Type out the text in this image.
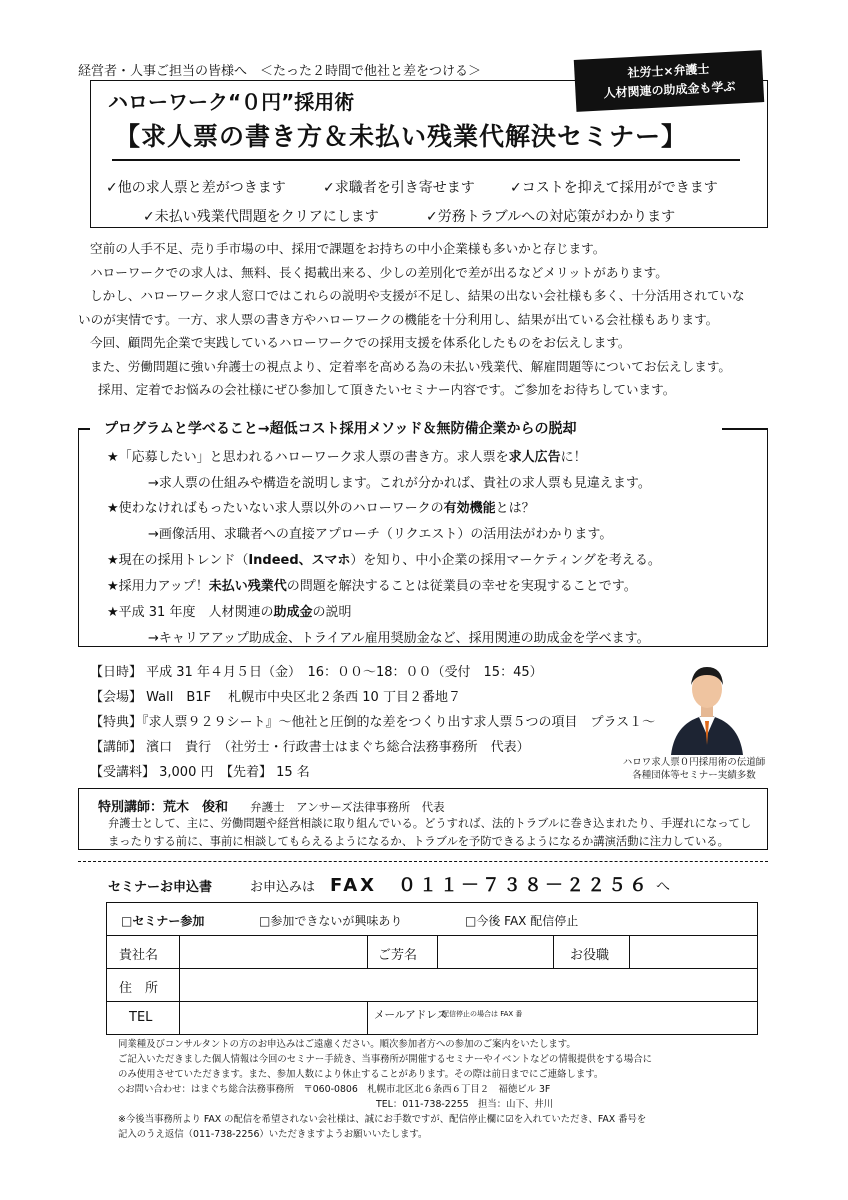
経営者・人事ご担当の皆様へ　＜たった２時間で他社と差をつける＞
ハローワーク“０円”採用術
社労士×弁護士
人材関連の助成金も学ぶ
【求人票の書き方＆未払い残業代解決セミナー】
✓他の求人票と差がつきます	✓求職者を引き寄せます	✓コストを抑えて採用ができます
✓未払い残業代問題をクリアにします	✓労務トラブルへの対応策がわかります

空前の人手不足、売り手市場の中、採用で課題をお持ちの中小企業様も多いかと存じます。

ハローワークでの求人は、無料、長く掲載出来る、少しの差別化で差が出るなどメリットがあります。

しかし、ハローワーク求人窓口ではこれらの説明や支援が不足し、結果の出ない会社様も多く、十分活用されていな

いのが実情です。一方、求人票の書き方やハローワークの機能を十分利用し、結果が出ている会社様もあります。

今回、顧問先企業で実践しているハローワークでの採用支援を体系化したものをお伝えします。

また、労働問題に強い弁護士の視点より、定着率を高める為の未払い残業代、解雇問題等についてお伝えします。

採用、定着でお悩みの会社様にぜひ参加して頂きたいセミナー内容です。ご参加をお待ちしています。

プログラムと学べること→超低コスト採用メソッド＆無防備企業からの脱却
★「応募したい」と思われるハローワーク求人票の書き方。求人票を求人広告に！
→求人票の仕組みや構造を説明します。これが分かれば、貴社の求人票も見違えます。
★使わなければもったいない求人票以外のハローワークの有効機能とは？
→画像活用、求職者への直接アプローチ（リクエスト）の活用法がわかります。
★現在の採用トレンド（Indeed、スマホ）を知り、中小企業の採用マーケティングを考える。
★採用力アップ！未払い残業代の問題を解決することは従業員の幸せを実現することです。
★平成 31 年度　人材関連の助成金の説明
→キャリアアップ助成金、トライアル雇用奨励金など、採用関連の助成金を学べます。
【日時】 平成 31 年４月５日（金）　16：００～18：００（受付　15：45）
【会場】 Wall　B1F　 札幌市中央区北２条西 10 丁目２番地７
【特典】『求人票９２９シート』～他社と圧倒的な差をつくり出す求人票５つの項目　プラス１～
【講師】 濱口　貴行　（社労士・行政書士はまぐち総合法務事務所　代表）
【受講料】 3,000 円　【先着】 15 名
ハロワ求人票０円採用術の伝道師
各種団体等セミナー実績多数
特別講師：荒木　俊和 弁護士　アンサーズ法律事務所　代表
弁護士として、主に、労働問題や経営相談に取り組んでいる。どうすれば、法的トラブルに巻き込まれたり、手遅れになってしまったりする前に、事前に相談してもらえるようになるか、トラブルを予防できるようになるか講演活動に注力している。
セミナーお申込書	お申込みは FAX　０１１－７３８－２２５６ へ
□セミナー参加	□参加できないが興味あり	□今後 FAX 配信停止
貴社名	ご芳名	お役職
住　所
TEL	メールアドレス
配信停止の場合は FAX 番
同業種及びコンサルタントの方のお申込みはご遠慮ください。順次参加者方への参加のご案内をいたします。
ご記入いただきました個人情報は今回のセミナー手続き、当事務所が開催するセミナーやイベントなどの情報提供をする場合に
のみ使用させていただきます。また、参加人数により休止することがあります。その際は前日までにご連絡します。
◇お問い合わせ：はまぐち総合法務事務所　〒060-0806　札幌市北区北６条西６丁目２　福徳ビル 3F
TEL：011-738-2255　担当：山下、井川
※今後当事務所より FAX の配信を希望されない会社様は、誠にお手数ですが、配信停止欄に☑を入れていただき、FAX 番号を
記入のうえ返信（011-738-2256）いただきますようお願いいたします。
